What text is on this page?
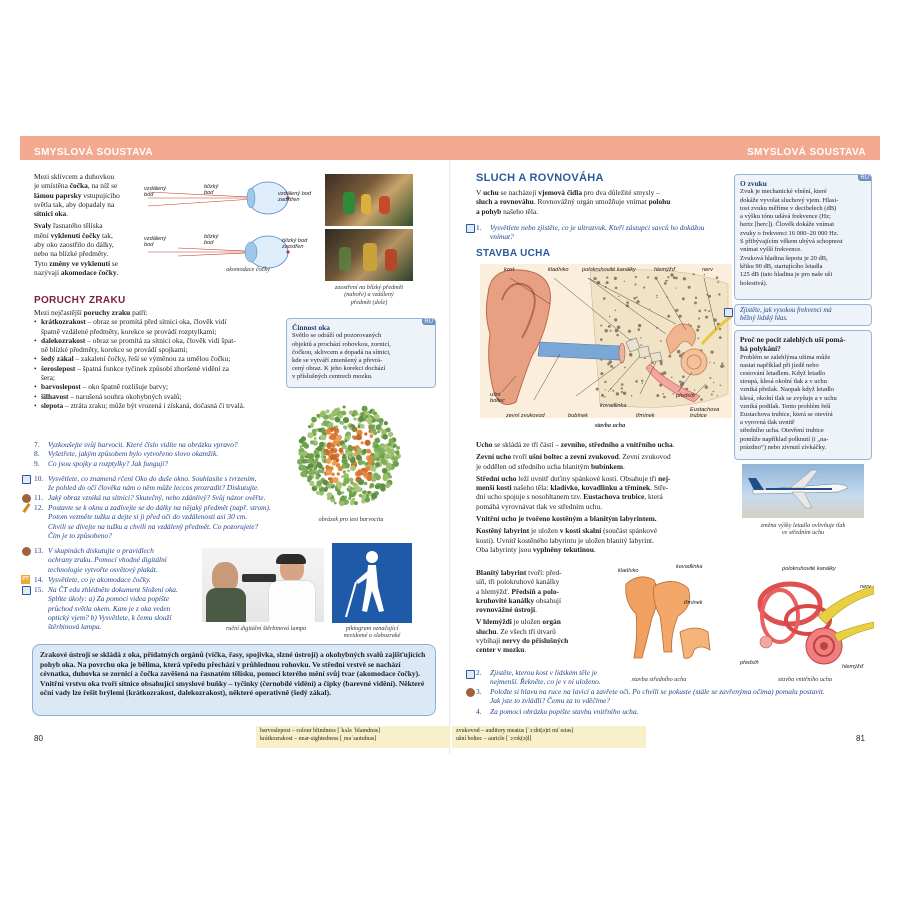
SMYSLOVÁ SOUSTAVA	SMYSLOVÁ SOUSTAVA
Mezi sklivcem a duhovkou
je umístěna čočka, na níž se
lámou paprsky vstupujícího
světla tak, aby dopadaly na
sítnici oka.
Svaly řasnatého tělíska
mění vyklenutí čočky tak,
aby oko zaostřilo do dálky,
nebo na blízké předměty.
Tyto změny ve vyklenutí se
nazývají akomodace čočky.
vzdálený
bod
blízký
bod	vzdálený bod
zaostřen
vzdálený
bod
blízký
bod	blízký bod
zaostřen
akomodace čočky
zaostření na blízký předmět
(nahoře) a vzdálený
předmět (dole)
PORUCHY ZRAKU
Mezi nejčastější poruchy zraku patří:
• krátkozrakost – obraz se promítá před sítnici oka, člověk vidí
špatně vzdálené předměty, korekce se provádí rozptylkami;
• dalekozrakost – obraz se promítá za sítnici oka, člověk vidí špat-
ně blízké předměty, korekce se provádí spojkami;
• šedý zákal – zakalení čočky, řeší se výměnou za umělou čočku;
• šeroslepost – špatná funkce tyčinek způsobí zhoršené vidění za
šera;
• barvoslepost – oko špatně rozlišuje barvy;
• šilhavost – narušená souhra okohybných svalů;
• slepota – ztráta zraku; může být vrozená i získaná, dočasná či trvalá.
RU
Činnost oka
Světlo se odráží od pozorovaných
objektů a prochází rohovkou, zornicí,
čočkou, sklivcem a dopadá na sítnici,
kde se vytváří zmenšený a převrá-
cený obraz. K jeho korekci dochází
v příslušných centrech mozku.
7. Vyzkoušejte svůj barvocit. Které číslo vidíte na obrázku vpravo?
8. Vyšetřete, jakým způsobem bylo vytvořeno slovo okamžik.
9. Co jsou spojky a rozptylky? Jak fungují?
10. Vysvětlete, co znamená rčení Oko do duše okno. Souhlasíte s tvrzením,
že pohled do očí člověka nám o něm může leccos prozradit? Diskutujte.
11. Jaký obraz vzniká na sítnici? Skutečný, nebo zdánlivý? Svůj názor ověřte.
12. Postavte se k oknu a zadívejte se do dálky na nějaký předmět (např. strom).
Potom vezměte tužku a dejte si ji před oči do vzdálenosti asi 30 cm.
Chvíli se dívejte na tužku a chvíli na vzdálený předmět. Co pozorujete?
Čím je to způsobeno?
obrázek pro test barvocitu
13. V skupinách diskutujte o pravidlech
ochrany zraku. Pomocí vhodné digitální
technologie vytvořte osvětový plakát.
PT 14. Vysvětlete, co je akomodace čočky.
15. Na ČT edu zhlédněte dokument Složení oka.
Splňte úkoly: a) Za pomoci videa popište
průchod světla okem. Kam je z oka veden
optický vjem? b) Vysvětlete, k čemu slouží
štěrbinová lampa.	ruční digitální štěrbinová lampa	piktogram označující
nevidomé a slabozraké
Zrakové ústrojí se skládá z oka, přídatných orgánů (víčka, řasy, spojivka, slzné ústrojí) a okohybných svalů zajišťujících pohyb oka. Na povrchu oka je bělima, která vpředu přechází v průhlednou rohovku. Ve střední vrstvě se nachází cévnatka, duhovka se zornicí a čočka zavěšená na řasnatém tělísku, pomocí kterého mění svůj tvar (akomodace čočky). Vnitřní vrstvu oka tvoří sítnice obsahující smyslové buňky – tyčinky (černobílé vidění) a čípky (barevné vidění). Některé oční vady lze řešit brýlemi (krátkozrakost, dalekozrakost), některé operativně (šedý zákal).
80
barvoslepost – colour blindness [ˈkʌlə ˈblaɪndnəs]
krátkozrakost – near-sightedness [ˌnɪəˈsaɪtɪdnəs]
SLUCH A ROVNOVÁHA
V uchu se nacházejí vjemová čidla pro dva důležité smysly –
sluch a rovnováhu. Rovnovážný orgán umožňuje vnímat polohu
a pohyb našeho těla.
1. Vysvětlete nebo zjistěte, co je ultrazvuk. Kteří zástupci savců ho dokážou
vnímat?
STAVBA UCHA
kost	kladívko polokruhovité kanálky	hlemýžď	nerv
ušní
boltec
zevní zvukovod	bubínek
kovadlinka
třmínek
předsíň
Eustachova
trubice
stavba ucha
RU
O zvuku
Zvuk je mechanické vlnění, které
dokáže vyvolat sluchový vjem. Hlasi-
tost zvuku měříme v decibelech (dB)
a výšku tónu udává frekvence (Hz;
hertz [herc]). Člověk dokáže vnímat
zvuky o frekvenci 16 000–20 000 Hz.
S přibývajícím věkem ubývá schopnost
vnímat vyšší frekvence.
Zvuková hladina šepotu je 20 dB,
křiku 90 dB, startujícího letadla
125 dB (tato hladina je pro naše uši
bolestivá).
Zjistěte, jak vysokou frekvenci má
běžný lidský hlas.
Proč ne pocit zalehlých uší pomá-
há polykání?
Problém se zalehlýma ušima může
nastat například při jízdě nebo
cestování letadlem. Když letadlo
stoupá, klesá okolní tlak a v uchu
vzniká přetlak. Naopak když letadlo
klesá, okolní tlak se zvyšuje a v uchu
vzniká podtlak. Tento problém řeší
Eustachova trubice, která se otevírá
a vyrovná tlak uvnitř
středního ucha. Otevření trubice
pomůže například polknutí (i „na-
prázdno“) nebo zívnutí zívkáčky.
změna výšky letadla ovlivňuje tlak
ve středním uchu
Ucho se skládá ze tří částí – zevního, středního a vnitřního ucha.
Zevní ucho tvoří ušní boltec a zevní zvukovod. Zevní zvukovod
je oddělen od středního ucha blanitým bubínkem.
Střední ucho leží uvnitř duťiny spánkové kosti. Obsahuje tři nej-
menší kosti našeho těla: kladívko, kovadlinku a třmínek. Stře-
dní ucho spojuje s nosohltanem tzv. Eustachova trubice, která
pomáhá vyrovnávat tlak ve středním uchu.
Vnitřní ucho je tvořeno kostěným a blanitým labyrintem.
Kostěný labyrint je uložen v kosti skalní (součást spánkové
kosti). Uvnitř kostěného labyrintu je uložen blanitý labyrint.
Oba labyrinty jsou vyplněny tekutinou.
Blanitý labyrint tvoří: před-
síň, tři polokruhové kanálky
a hlemýžď. Předsíň a polo-
kruhovité kanálky obsahují
rovnovážné ústrojí.
V hlemýždi je uložen orgán
sluchu. Ze všech tří útvarů
vybíhají nervy do příslušných
center v mozku.
kladívko
kovadlinka
třmínek
stavba středního ucha
polokruhovité kanálky
nerv
předsíň
hlemýžď
stavba vnitřního ucha
2. Zjistěte, kterou kost v lidském těle je
nejmenší. Řekněte, co je v ní uloženo.
3. Položte si hlavu na ruce na lavici a zavřete oči. Po chvíli se pokuste (stále se zavřenýma očima) pomalu postavit.
Jak jste to zvládli? Čemu za to vděčíme?
4. Za pomoci obrázku popište stavbu vnitřního ucha.
zvukovod – auditory meatus [ˈɔːdɪt(ə)ri miˈeɪtəs]
ušní boltec – auricle [ˈɔːrɪk(ə)l]	81
